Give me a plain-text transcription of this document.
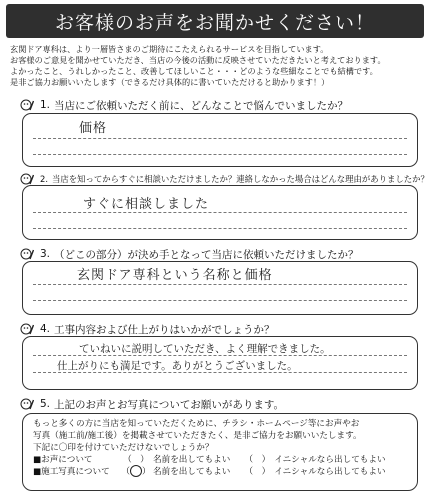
お客様のお声をお聞かせください！
玄関ドア専科は、より一層皆さまのご期待にこたえられるサービスを目指しています。
お客様のご意見を聞かせていただき、当店の今後の活動に反映させていただきたいと考えております。
よかったこと、うれしかったこと、改善してほしいこと・・・どのような些細なことでも結構です。
是非ご協力お願いいたします（できるだけ具体的に書いていただけると助かります！）
1. 当店にご依頼いただく前に、どんなことで悩んでいましたか？
価格
2. 当店を知ってからすぐに相談いただけましたか？連絡しなかった場合はどんな理由がありましたか？
すぐに相談しました
3. （どこの部分）が決め手となって当店に依頼いただけましたか？
玄関ドア専科という名称と価格
4. 工事内容および仕上がりはいかがでしょうか？
ていねいに説明していただき、よく理解できました。
仕上がりにも満足です。ありがとうございました。
5. 上記のお声とお写真についてお願いがあります。
もっと多くの方に当店を知っていただくために、チラシ・ホームページ等にお声やお
写真（施工前/施工後）を掲載させていただきたく、是非ご協力をお願いいたします。
下記に〇印を付けていただけないでしょうか？
■お声について	（　） 名前を出してもよい	（　） イニシャルなら出してもよい
■施工写真について	（○） 名前を出してもよい	（　） イニシャルなら出してもよい
